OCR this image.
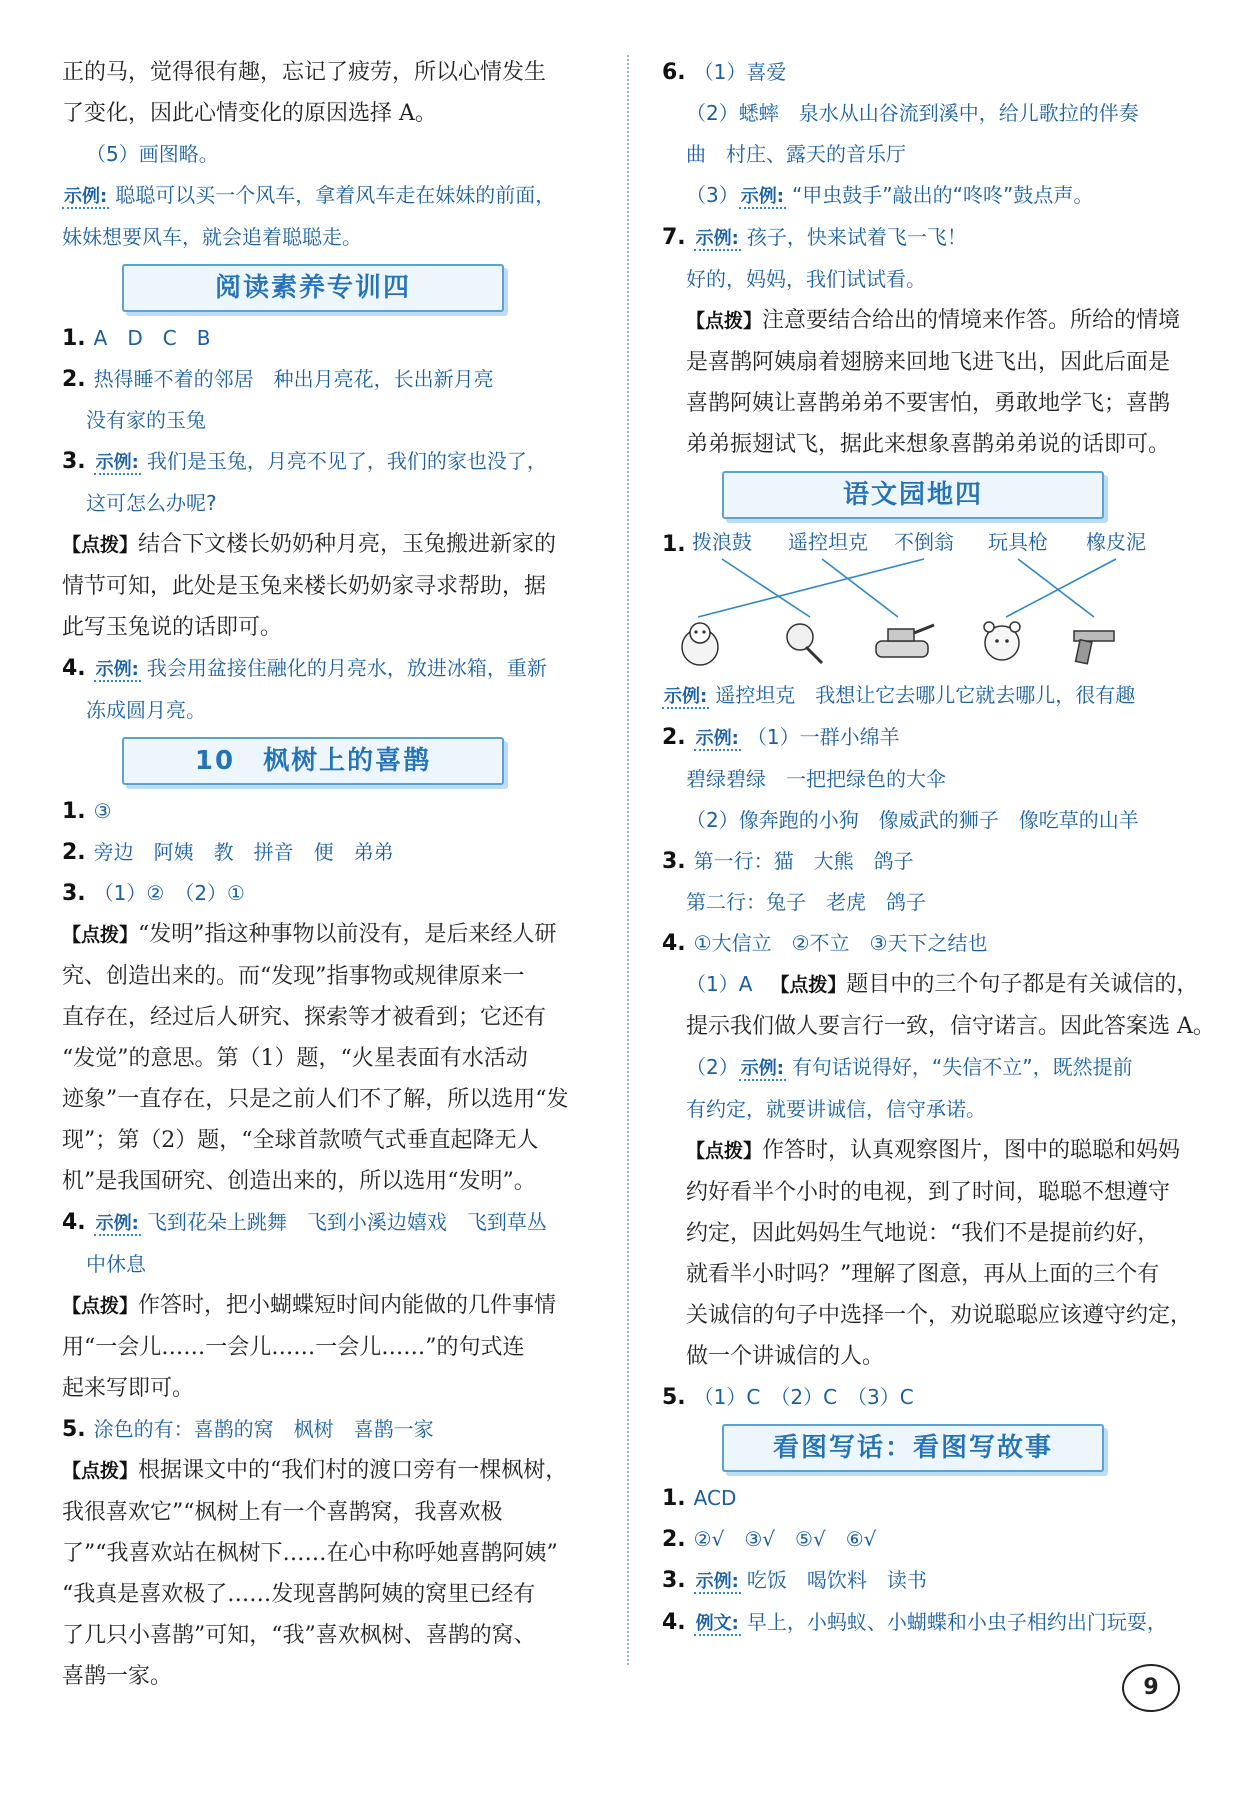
正的马，觉得很有趣，忘记了疲劳，所以心情发生
了变化，因此心情变化的原因选择 A。
（5）画图略。
示例: 聪聪可以买一个风车，拿着风车走在妹妹的前面，
妹妹想要风车，就会追着聪聪走。
阅读素养专训四
1. A　D　C　B
2. 热得睡不着的邻居　种出月亮花，长出新月亮
没有家的玉兔
3. 示例: 我们是玉兔，月亮不见了，我们的家也没了，
这可怎么办呢?
【点拨】结合下文楼长奶奶种月亮，玉兔搬进新家的
情节可知，此处是玉兔来楼长奶奶家寻求帮助，据
此写玉兔说的话即可。
4. 示例: 我会用盆接住融化的月亮水，放进冰箱，重新
冻成圆月亮。
10　枫树上的喜鹊
1. ③
2. 旁边　阿姨　教　拼音　便　弟弟
3. （1）②　（2）①
【点拨】“发明”指这种事物以前没有，是后来经人研
究、创造出来的。而“发现”指事物或规律原来一
直存在，经过后人研究、探索等才被看到；它还有
“发觉”的意思。第（1）题，“火星表面有水活动
迹象”一直存在，只是之前人们不了解，所以选用“发
现”；第（2）题，“全球首款喷气式垂直起降无人
机”是我国研究、创造出来的，所以选用“发明”。
4. 示例: 飞到花朵上跳舞　飞到小溪边嬉戏　飞到草丛
中休息
【点拨】作答时，把小蝴蝶短时间内能做的几件事情
用“一会儿……一会儿……一会儿……”的句式连
起来写即可。
5. 涂色的有：喜鹊的窝　枫树　喜鹊一家
【点拨】根据课文中的“我们村的渡口旁有一棵枫树，
我很喜欢它”“枫树上有一个喜鹊窝，我喜欢极
了”“我喜欢站在枫树下……在心中称呼她喜鹊阿姨”
“我真是喜欢极了……发现喜鹊阿姨的窝里已经有
了几只小喜鹊”可知，“我”喜欢枫树、喜鹊的窝、
喜鹊一家。
6. （1）喜爱
（2）蟋蟀　泉水从山谷流到溪中，给儿歌拉的伴奏
曲　村庄、露天的音乐厅
（3） 示例: “甲虫鼓手”敲出的“咚咚”鼓点声。
7. 示例: 孩子，快来试着飞一飞！
好的，妈妈，我们试试看。
【点拨】注意要结合给出的情境来作答。所给的情境
是喜鹊阿姨扇着翅膀来回地飞进飞出，因此后面是
喜鹊阿姨让喜鹊弟弟不要害怕，勇敢地学飞；喜鹊
弟弟振翅试飞，据此来想象喜鹊弟弟说的话即可。
语文园地四
1. 拨浪鼓 遥控坦克 不倒翁 玩具枪 橡皮泥
示例: 遥控坦克　我想让它去哪儿它就去哪儿，很有趣
2. 示例: （1）一群小绵羊
碧绿碧绿　一把把绿色的大伞
（2）像奔跑的小狗　像威武的狮子　像吃草的山羊
3. 第一行：猫　大熊　鸽子
第二行：兔子　老虎　鸽子
4. ①大信立　②不立　③天下之结也
（1）A 【点拨】题目中的三个句子都是有关诚信的，
提示我们做人要言行一致，信守诺言。因此答案选 A。
（2） 示例: 有句话说得好，“失信不立”，既然提前
有约定，就要讲诚信，信守承诺。
【点拨】作答时，认真观察图片，图中的聪聪和妈妈
约好看半个小时的电视，到了时间，聪聪不想遵守
约定，因此妈妈生气地说：“我们不是提前约好，
就看半小时吗？”理解了图意，再从上面的三个有
关诚信的句子中选择一个，劝说聪聪应该遵守约定，
做一个讲诚信的人。
5. （1）C　（2）C　（3）C
看图写话：看图写故事
1. ACD
2. ②√　③√　⑤√　⑥√
3. 示例: 吃饭　喝饮料　读书
4. 例文: 早上，小蚂蚁、小蝴蝶和小虫子相约出门玩耍，
9
